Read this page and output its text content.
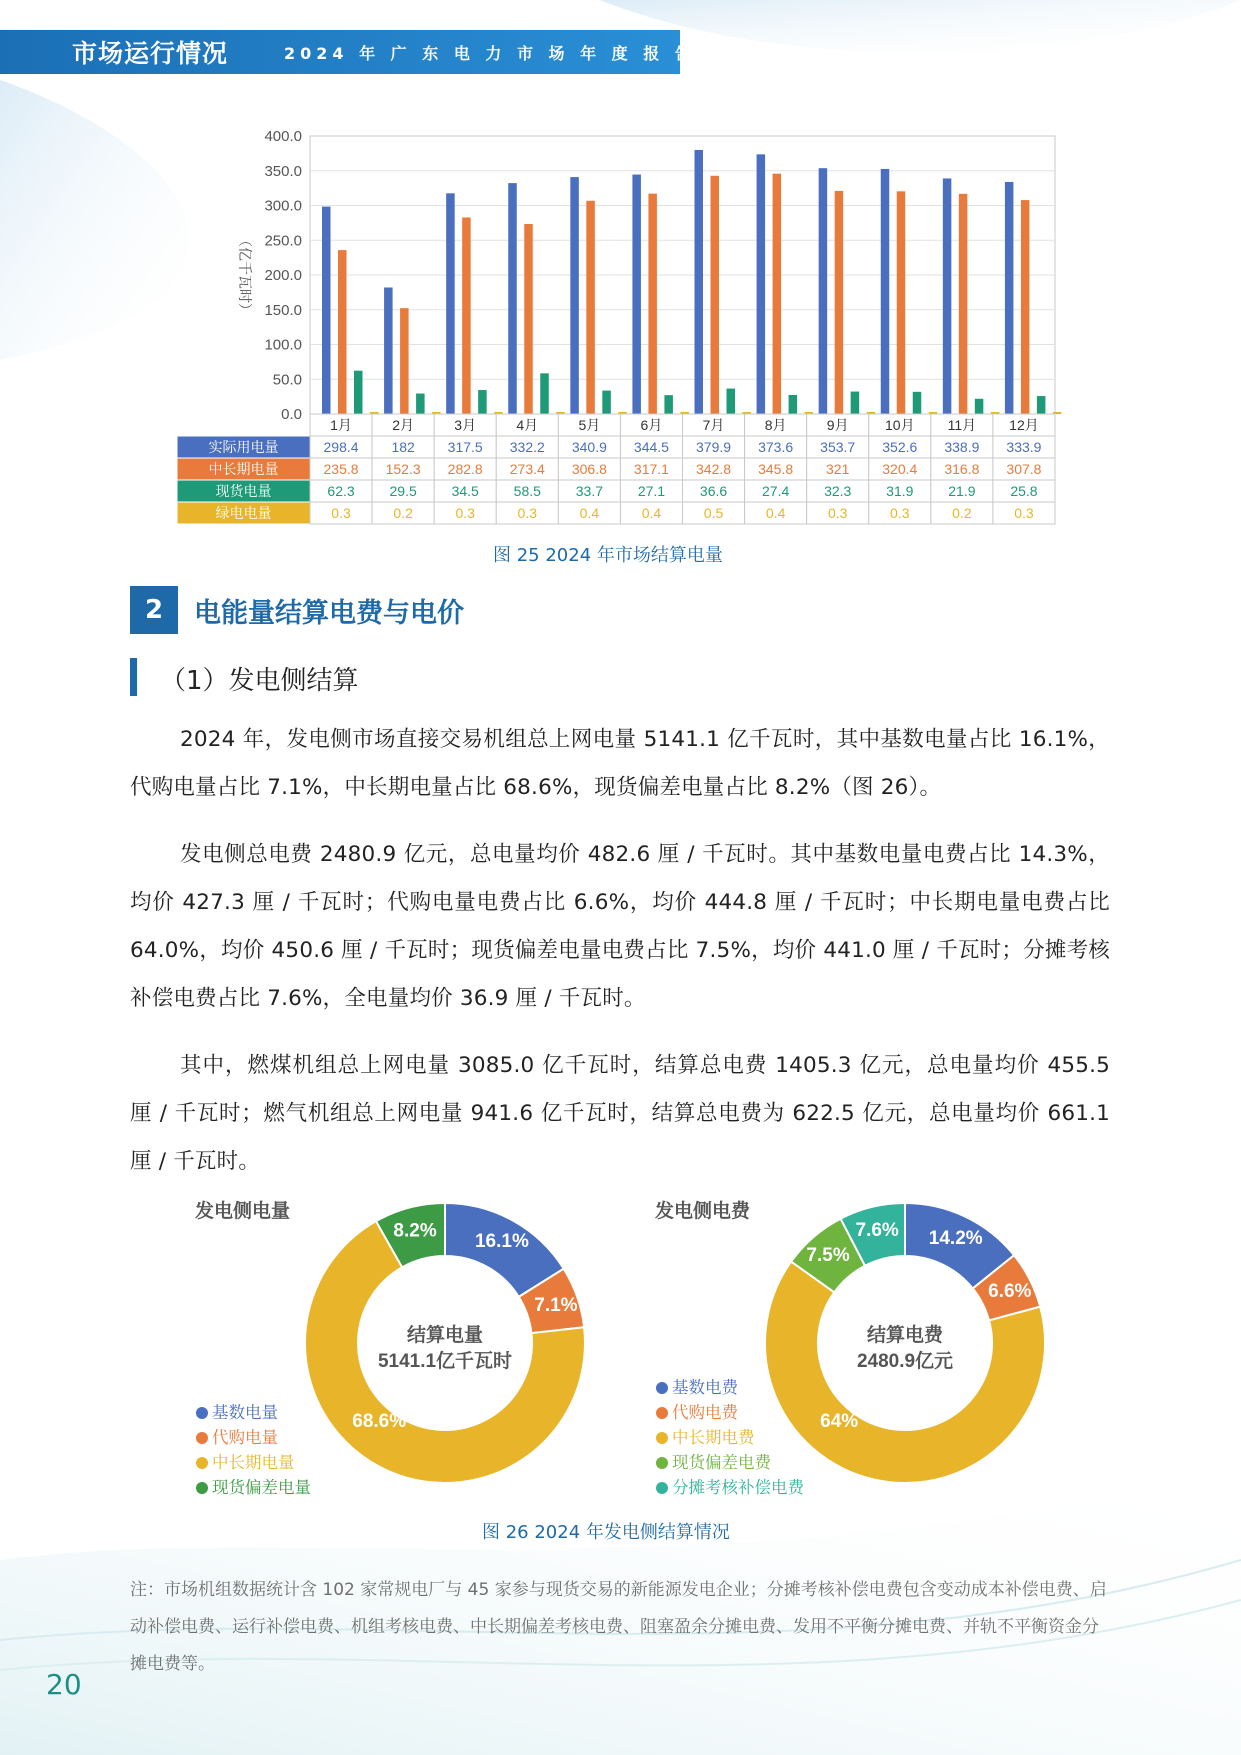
市场运行情况	2024 年 广 东 电 力 市 场 年 度 报 告
0.0
50.0
100.0
150.0
200.0
250.0
300.0
350.0
400.0
（亿千瓦时）
1月	2月	3月	4月	5月	6月	7月	8月	9月	10月 11月 12月
实际用电量	298.4 182 317.5 332.2 340.9 344.5 379.9 373.6 353.7 352.6 338.9 333.9
中长期电量	235.8 152.3 282.8 273.4 306.8 317.1 342.8 345.8 321 320.4 316.8 307.8
现货电量	62.3 29.5 34.5 58.5 33.7 27.1 36.6 27.4 32.3 31.9 21.9 25.8
绿电电量	0.3	0.2	0.3	0.3	0.4	0.4	0.5	0.4	0.3	0.3	0.2	0.3
图 25 2024 年市场结算电量
2	电能量结算电费与电价
（1）发电侧结算

2024 年，发电侧市场直接交易机组总上网电量 5141.1 亿千瓦时，其中基数电量占比 16.1%，代购电量占比 7.1%，中长期电量占比 68.6%，现货偏差电量占比 8.2%（图 26）。

发电侧总电费 2480.9 亿元，总电量均价 482.6 厘 / 千瓦时。其中基数电量电费占比 14.3%，均价 427.3 厘 / 千瓦时；代购电量电费占比 6.6%，均价 444.8 厘 / 千瓦时；中长期电量电费占比 64.0%，均价 450.6 厘 / 千瓦时；现货偏差电量电费占比 7.5%，均价 441.0 厘 / 千瓦时；分摊考核补偿电费占比 7.6%，全电量均价 36.9 厘 / 千瓦时。

其中，燃煤机组总上网电量 3085.0 亿千瓦时，结算总电费 1405.3 亿元，总电量均价 455.5 厘 / 千瓦时；燃气机组总上网电量 941.6 亿千瓦时，结算总电费为 622.5 亿元，总电量均价 661.1 厘 / 千瓦时。

16.1%
7.1%
68.6%
8.2%
结算电量
5141.1亿千瓦时
发电侧电量
基数电量
代购电量
中长期电量
现货偏差电量
14.2%
6.6%
64%
7.5%
7.6%
结算电费
2480.9亿元
发电侧电费
基数电费
代购电费
中长期电费
现货偏差电费
分摊考核补偿电费
图 26 2024 年发电侧结算情况
注：市场机组数据统计含 102 家常规电厂与 45 家参与现货交易的新能源发电企业；分摊考核补偿电费包含变动成本补偿电费、启动补偿电费、运行补偿电费、机组考核电费、中长期偏差考核电费、阻塞盈余分摊电费、发用不平衡分摊电费、并轨不平衡资金分摊电费等。
20
